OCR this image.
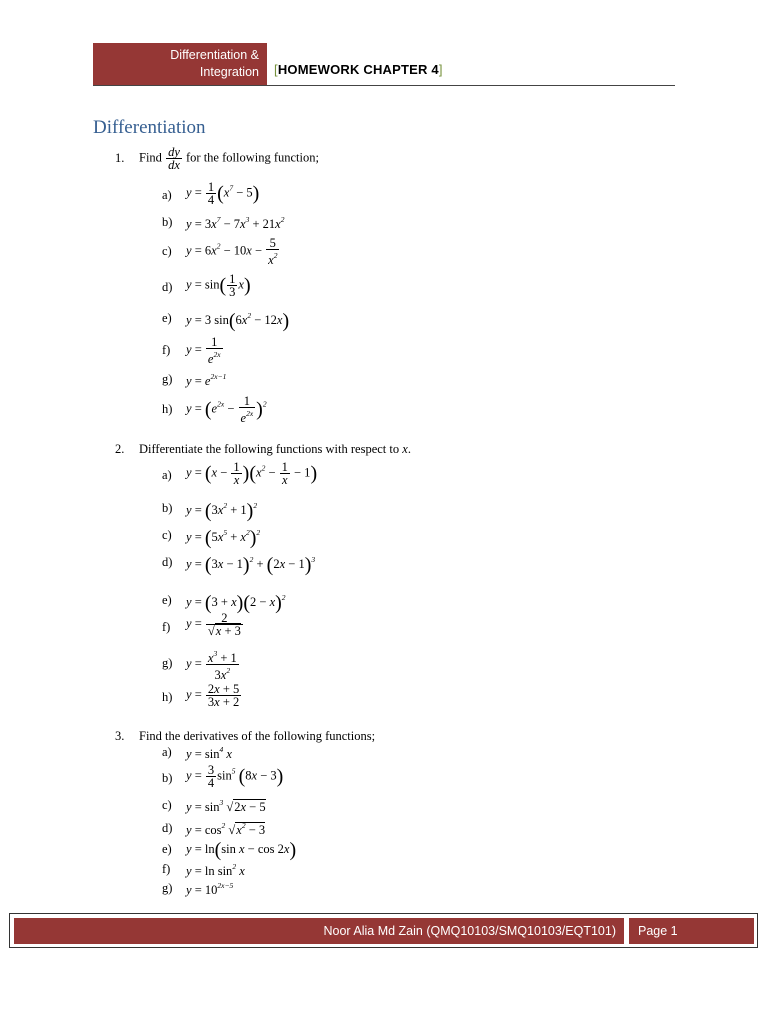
Differentiation &
Integration [HOMEWORK CHAPTER 4]
Differentiation
1. Find $\frac{dy}{dx}$ for the following function;
a) $y = \frac{1}{4} (x^7 - 5)$
b) $y = 3x^7 - 7x^3 + 21x^2$
c) $y = 6x^2 - 10x - \frac{5}{x^2}$
d) $y = \sin( \frac{1}{3} x)$
e) y = 3 $\sin(6x^2 - 12x)$
f) $y = \frac{1}{e^{2x}}$
g) $y = e^{2x-1}$
h) $y = (e^{2x} - \frac{1}{e^{2x}} )^2$
2. Differentiate the following functions with respect to x.
a) $y = (x - \frac{1}{x} )(x^2 - \frac{1}{x} - 1)$
b) $y = (3x^2 + 1)^2$
c) $y = (5x^5 + x^2)^2$
d) $y = (3x - 1)^2 + (2x - 1)^3$
e) $y = (3 + x)(2 - x)^2$
f) $y = \frac{2}{√x + 3}$
g) $y = \frac{x^3 + 1}{3x^2}$
h) $y = \frac{2x + 5}{3x + 2}$
3. Find the derivatives of the following functions;
a) $y = \sin^4 x$
b) $y = \frac{3}{4} \sin^5 (8x - 3)$
c) $y = \sin^3 √2x - 5$
d) $y = \cos^2 √x^2 - 3$
e) y = ln(sin x − cos 2x)
f) $y = \ln \sin^2 x$
g) $y = 10^{2x-5}$
Noor Alia Md Zain (QMQ10103/SMQ10103/EQT101)	Page 1
